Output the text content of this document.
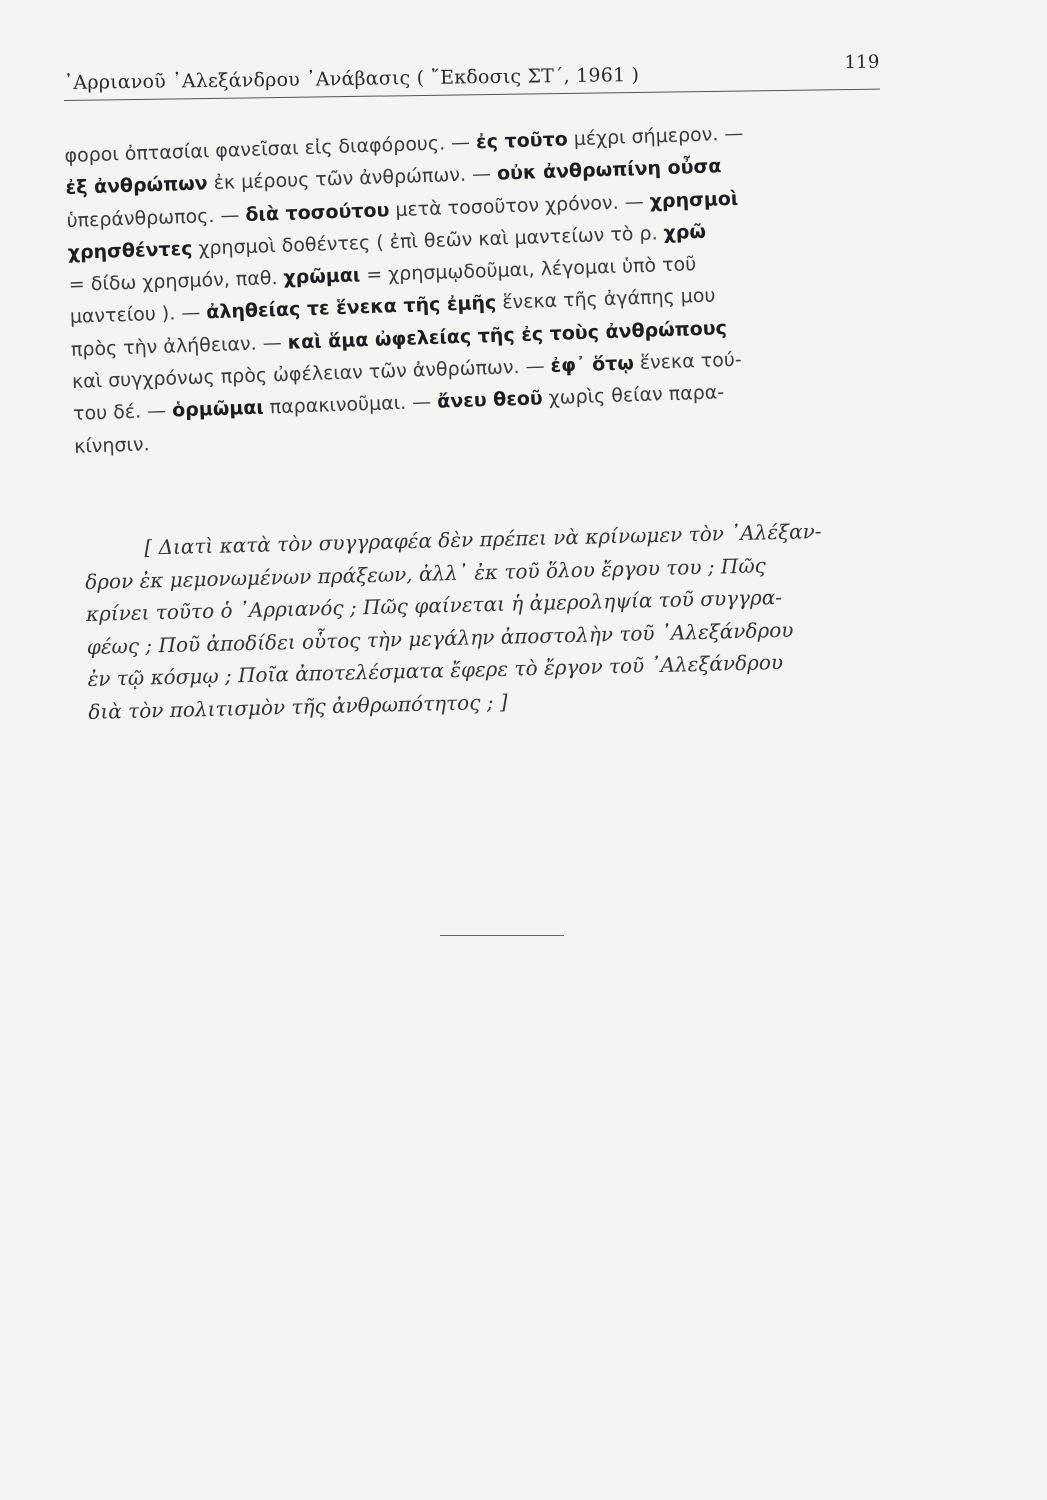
᾽Αρριανοῦ ᾽Αλεξάνδρου ᾽Ανάβασις ( ῎Εκδοσις ΣΤ΄, 1961 )
119
φοροι ὀπτασίαι φανεῖσαι εἰς διαφόρους. — ἐς τοῦτο μέχρι σήμερον. —
ἐξ ἀνθρώπων ἐκ μέρους τῶν ἀνθρώπων. — οὐκ ἀνθρωπίνη οὖσα
ὑπεράνθρωπος. — διὰ τοσούτου μετὰ τοσοῦτον χρόνον. — χρησμοὶ
χρησθέντες χρησμοὶ δοθέντες ( ἐπὶ θεῶν καὶ μαντείων τὸ ρ. χρῶ
= δίδω χρησμόν, παθ. χρῶμαι = χρησμῳδοῦμαι, λέγομαι ὑπὸ τοῦ
μαντείου ). — ἀληθείας τε ἕνεκα τῆς ἐμῆς ἕνεκα τῆς ἀγάπης μου
πρὸς τὴν ἀλήθειαν. — καὶ ἅμα ὠφελείας τῆς ἐς τοὺς ἀνθρώπους
καὶ συγχρόνως πρὸς ὠφέλειαν τῶν ἀνθρώπων. — ἐφ᾽ ὅτῳ ἕνεκα τού-
του δέ. — ὁρμῶμαι παρακινοῦμαι. — ἄνευ θεοῦ χωρὶς θείαν παρα-
κίνησιν.
[ Διατὶ κατὰ τὸν συγγραφέα δὲν πρέπει νὰ κρίνωμεν τὸν ᾽Αλέξαν-
δρον ἐκ μεμονωμένων πράξεων, ἀλλ᾽ ἐκ τοῦ ὅλου ἔργου του ; Πῶς
κρίνει τοῦτο ὁ ᾽Αρριανός ; Πῶς φαίνεται ἡ ἀμεροληψία τοῦ συγγρα-
φέως ; Ποῦ ἀποδίδει οὗτος τὴν μεγάλην ἀποστολὴν τοῦ ᾽Αλεξάνδρου
ἐν τῷ κόσμῳ ; Ποῖα ἀποτελέσματα ἔφερε τὸ ἔργον τοῦ ᾽Αλεξάνδρου
διὰ τὸν πολιτισμὸν τῆς ἀνθρωπότητος ; ]
